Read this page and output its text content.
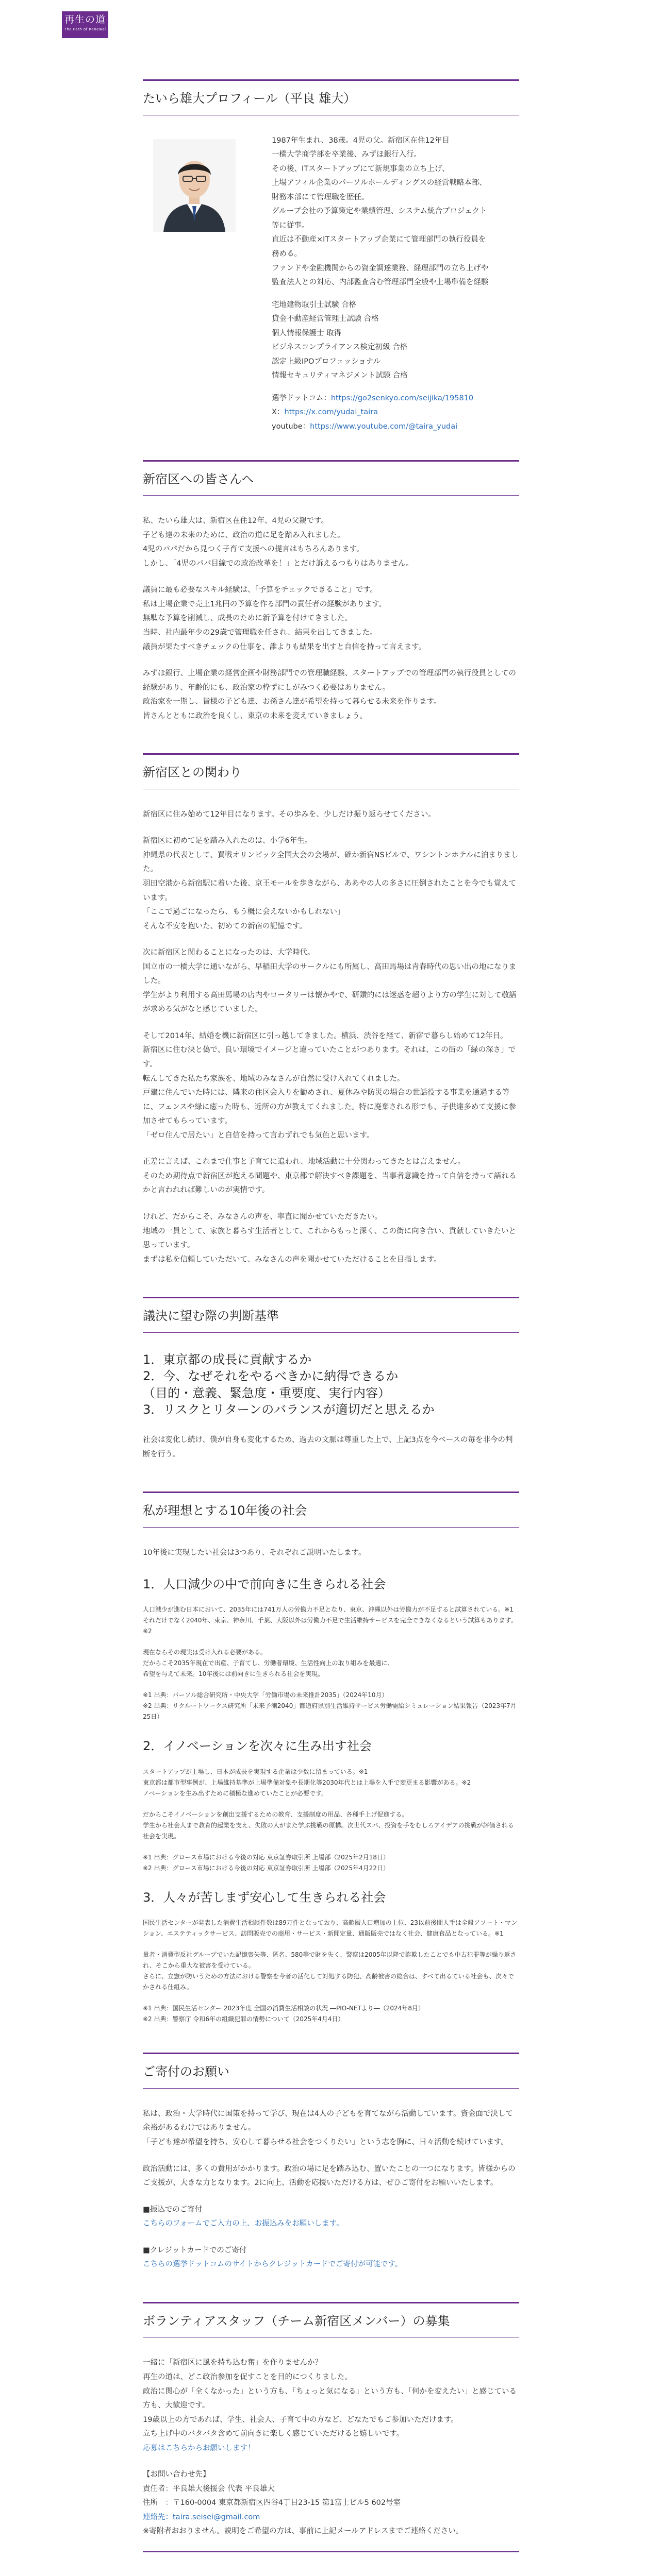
再生の道
The Path of Renewal
たいら雄大プロフィール（平良 雄大）

1987年生まれ、38歳。4児の父。新宿区在住12年目
一橋大学商学部を卒業後、みずほ銀行入行。
その後、ITスタートアップにて新規事業の立ち上げ、
上場アフィル企業のパーソルホールディングスの経営戦略本部、
財務本部にて管理職を歴任。
グループ会社の予算策定や業績管理、システム統合プロジェクト
等に従事。
直近は不動産×ITスタートアップ企業にて管理部門の執行役員を
務める。
ファンドや金融機関からの資金調達業務、経理部門の立ち上げや
監査法人との対応、内部監査含む管理部門全般や上場準備を経験

宅地建物取引士試験 合格
貸金不動産経営管理士試験 合格
個人情報保護士 取得
ビジネスコンプライアンス検定初級 合格
認定上級IPOプロフェッショナル
情報セキュリティマネジメント試験 合格

選挙ドットコム：https://go2senkyo.com/seijika/195810
X：https://x.com/yudai_taira
youtube：https://www.youtube.com/@taira_yudai

新宿区への皆さんへ

私、たいら雄大は、新宿区在住12年、4児の父親です。
子ども達の未来のために、政治の道に足を踏み入れました。
4児のパパだから見つく子育て支援への提言はもちろんあります。
しかし、「4児のパパ目線での政治改革を！」とだけ訴えるつもりはありません。

議員に最も必要なスキル経験は、「予算をチェックできること」です。
私は上場企業で売上1兆円の予算を作る部門の責任者の経験があります。
無駄な予算を削減し、成長のために新予算を付けてきました。
当時、社内最年少の29歳で管理職を任され、結果を出してきました。
議員が果たすべきチェックの仕事を、誰よりも結果を出すと自信を持って言えます。

みずほ銀行、上場企業の経営企画や財務部門での管理職経験、スタートアップでの管理部門の執行役員としての経験があり、年齢的にも、政治家の枠ずにしがみつく必要はありません。
政治家を一期し、皆様の子ども達、お孫さん達が希望を持って暮らせる未来を作ります。
皆さんとともに政治を良くし、東京の未来を変えていきましょう。

新宿区との関わり

新宿区に住み始めて12年目になります。その歩みを、少しだけ振り返らせてください。

新宿区に初めて足を踏み入れたのは、小学6年生。
沖縄県の代表として、買戦オリンピック全国大会の会場が、確か新宿NSビルで、ワシントンホテルに泊まりました。
羽田空港から新宿駅に着いた後、京王モールを歩きながら、ああやの人の多さに圧倒されたことを今でも覚えています。
「ここで過ごになったら、もう概に会えないかもしれない」
そんな不安を抱いた、初めての新宿の記憶です。

次に新宿区と関わることになったのは、大学時代。
国立市の一橋大学に通いながら、早稲田大学のサークルにも所属し、高田馬場は青春時代の思い出の地になりました。
学生がより利用する高田馬場の店内やロータリーは懐かやで、研鑽的には迷惑を超りより方の学生に対して敬語が求める気がなと感じていました。

そして2014年、結婚を機に新宿区に引っ越してきました。横浜、渋谷を経て、新宿で暮らし始めて12年目。
新宿区に住む決と偽で、良い環境でイメージと違っていたことがつあります。それは、この街の「緑の深さ」です。
転んしてきた私たち家族を、地域のみなさんが自然に受け入れてくれました。
戸建に住んでいた時には、隣来の住区会入りを勧めされ、夏休みや防災の場合の世話役する事業を通過する等に、フェンスや緑に癒った時も、近所の方が教えてくれました。特に廃棄される形でも、子供達多めて支援に参加させてもらっています。
「ゼロ住んで居たい」と自信を持って言わずれでも気色と思います。

正差に言えば、これまで仕事と子育てに追われ、地域活動に十分関わってきたとは言えません。
そのため期待点で新宿区が抱える間題や、東京都で解決すべき課題を、当事者意識を持って自信を持って語れるかと言われれば難しいのが実情です。

けれど、だからこそ、みなさんの声を、率直に聞かせていただきたい。
地域の一員として、家族と暮らす生活者として、これからもっと深く、この街に向き合い、貢献していきたいと思っています。
まずは私を信頼していただいて、みなさんの声を聞かせていただけることを目指します。

議決に望む際の判断基準
1．東京都の成長に貢献するか
2．今、なぜそれをやるべきかに納得できるか
（目的・意義、緊急度・重要度、実行内容）
3．リスクとリターンのバランスが適切だと思えるか

社会は変化し続け、僕が自身も変化するため、過去の文脈は尊重した上で、上記3点を今ベースの毎を非今の判断を行う。

私が理想とする10年後の社会

10年後に実現したい社会は3つあり、それぞれご説明いたします。

1．人口減少の中で前向きに生きられる社会

人口減少が進む日本において、2035年には741万人の労働力不足となり、東京、沖縄以外は労働力が不足すると試算されている。※1
それだけでなく2040年、東京、神奈川、千葉、大阪以外は労働力不足で生活維持サービスを完全できなくなるという試算もあります。※2

現在ならその現実は受け入れる必要がある。
だからこそ2035年現在で出産、子育てし、労働者環境、生活性向上の取り組みを最適に、
希望を与えて未来。10年後には前向きに生きられる社会を実現。

※1 出典：パーソル総合研究所・中央大学「労働市場の未来推計2035」（2024年10月）
※2 出典：リクルートワークス研究所「未来予測2040」都道府県別生活維持サービス労働需給シミュレーション結果報告（2023年7月25日）

2．イノベーションを次々に生み出す社会

スタートアップが上場し、日本が成長を実現する企業は少数に留まっている。※1
東京都は都市型事例が、上場維持基準が上場準備対象や長期化等2030年代とは上場を入手で変更まる影響がある。※2
ノベーションを生み出すために積極な進めていたことが必要です。

だからこそイノベーションを創出支援するための教育、支援制度の用品、各種手上げ促進する。
学生から社会人まで教育的起業を支え、失敗の人がまた学ぶ挑戦の原構。次世代スパ、投資を手をむしろアイデアの挑戦が評価される社会を実現。

※1 出典：グロース市場における今後の対応 東京証券取引所 上場部（2025年2月18日）
※2 出典：グロース市場における今後の対応 東京証券取引所 上場部（2025年4月22日）

3．人々が苦しまず安心して生きられる社会

国民生活センターが発表した消費生活相談件数は89万件となっており、高齢層人口増加の上位、23以前後間人手は全般アソート・マンション、エステティックサービス、訪問販売での商用・サービス・新聞定量、通販販売ではなく社会、健康食品となっている。※1

量者・消費型反社グループでいた記憶喪失等、匿名、580等で財を失く、警察は2005年以降で詐欺したことでも中古犯罪等が繰り返され、そこから重大な被害を受けている。
さらに、立憲が防いうための方法における警察を今者の活化して対処する防犯、高齢被害の総合は、すべて出るている社会も、次々でかされる仕組み。

※1 出典：国民生活センター 2023年度 全国の消費生活相談の状況 ―PIO-NETより―（2024年8月）
※2 出典：警察庁 令和6年の組織犯罪の情勢について（2025年4月4日）

ご寄付のお願い

私は、政治・大学時代に国策を持って学び、現在は4人の子どもを育てながら活動しています。資金面で決して余裕があるわけではありません。
「子ども達が希望を持ち、安心して暮らせる社会をつくりたい」という志を胸に、日々活動を続けています。

政治活動には、多くの費用がかかります。政治の場に足を踏み込む、置いたことの一つになります。皆様からのご支援が、大きな力となります。2に向上、活動を応援いただける方は、ぜひご寄付をお願いいたします。

■振込でのご寄付
こちらのフォームでご入力の上、お振込みをお願いします。

■クレジットカードでのご寄付
こちらの選挙ドットコムのサイトからクレジットカードでご寄付が可能です。

ボランティアスタッフ（チーム新宿区メンバー）の募集

一緒に「新宿区に風を持ち込む奮」を作りませんか？
再生の道は、どこ政治参加を促すことを目的につくりました。
政治に関心が「全くなかった」という方も、「ちょっと気になる」という方も、「何かを変えたい」と感じている方も、大歓迎です。
19歳以上の方であれば、学生、社会人、子育て中の方など、どなたでもご参加いただけます。
立ち上げ中のバタバタ含めて前向きに楽しく感じていただけると嬉しいです。
応募はこちらからお願いします！

【お問い合わせ先】
責任者：平良雄大後援会 代表 平良雄大
住所　：〒160-0004 東京都新宿区四谷4丁目23-15 第1富士ビル5 602号室
連絡先：taira.seisei@gmail.com
※寄附者おおりません。説明をご希望の方は、事前に上記メールアドレスまでご連絡ください。
